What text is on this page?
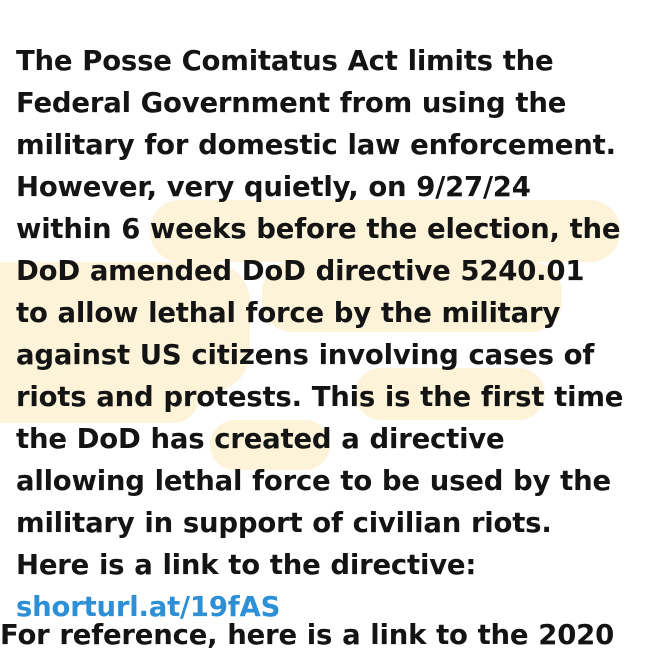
The Posse Comitatus Act limits the Federal Government from using the military for domestic law enforcement. However, very quietly, on 9/27/24 within 6 weeks before the election, the DoD amended DoD directive 5240.01 to allow lethal force by the military against US citizens involving cases of riots and protests. This is the first time the DoD has created a directive allowing lethal force to be used by the military in support of civilian riots. Here is a link to the directive: shorturl.at/19fAS

For reference, here is a link to the 2020
